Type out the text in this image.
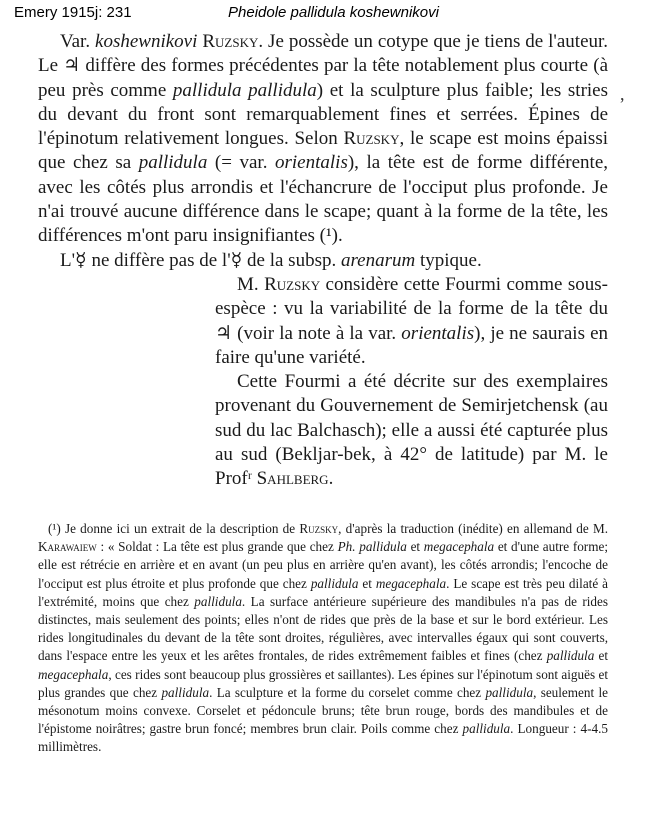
Emery 1915j: 231	Pheidole pallidula koshewnikovi
,

Var. koshewnikovi Ruzsky. Je possède un cotype que je tiens de l'auteur. Le ♃ diffère des formes précédentes par la tête notablement plus courte (à peu près comme pallidula pallidula) et la sculpture plus faible; les stries du devant du front sont remarquablement fines et serrées. Épines de l'épinotum relativement longues. Selon Ruzsky, le scape est moins épaissi que chez sa pallidula (= var. orientalis), la tête est de forme différente, avec les côtés plus arrondis et l'échancrure de l'occiput plus profonde. Je n'ai trouvé aucune différence dans le scape; quant à la forme de la tête, les différences m'ont paru insignifiantes (¹).

L'☿ ne diffère pas de l'☿ de la subsp. arenarum typique.

M. Ruzsky considère cette Fourmi comme sous-espèce : vu la variabilité de la forme de la tête du ♃ (voir la note à la var. orientalis), je ne saurais en faire qu'une variété.

Cette Fourmi a été décrite sur des exemplaires provenant du Gouvernement de Semirjetchensk (au sud du lac Balchasch); elle a aussi été capturée plus au sud (Bekljar-bek, à 42° de latitude) par M. le Profʳ Sahlberg.

(¹) Je donne ici un extrait de la description de Ruzsky, d'après la traduction (inédite) en allemand de M. Karawaiew : « Soldat : La tête est plus grande que chez Ph. pallidula et megacephala et d'une autre forme; elle est rétrécie en arrière et en avant (un peu plus en arrière qu'en avant), les côtés arrondis; l'encoche de l'occiput est plus étroite et plus profonde que chez pallidula et megacephala. Le scape est très peu dilaté à l'extrémité, moins que chez pallidula. La surface antérieure supérieure des mandibules n'a pas de rides distinctes, mais seulement des points; elles n'ont de rides que près de la base et sur le bord extérieur. Les rides longitudinales du devant de la tête sont droites, régulières, avec intervalles égaux qui sont couverts, dans l'espace entre les yeux et les arêtes frontales, de rides extrêmement faibles et fines (chez pallidula et megacephala, ces rides sont beaucoup plus grossières et saillantes). Les épines sur l'épinotum sont aiguës et plus grandes que chez pallidula. La sculpture et la forme du corselet comme chez pallidula, seulement le mésonotum moins convexe. Corselet et pédoncule bruns; tête brun rouge, bords des mandibules et de l'épistome noirâtres; gastre brun foncé; membres brun clair. Poils comme chez pallidula. Longueur : 4-4.5 millimètres.
